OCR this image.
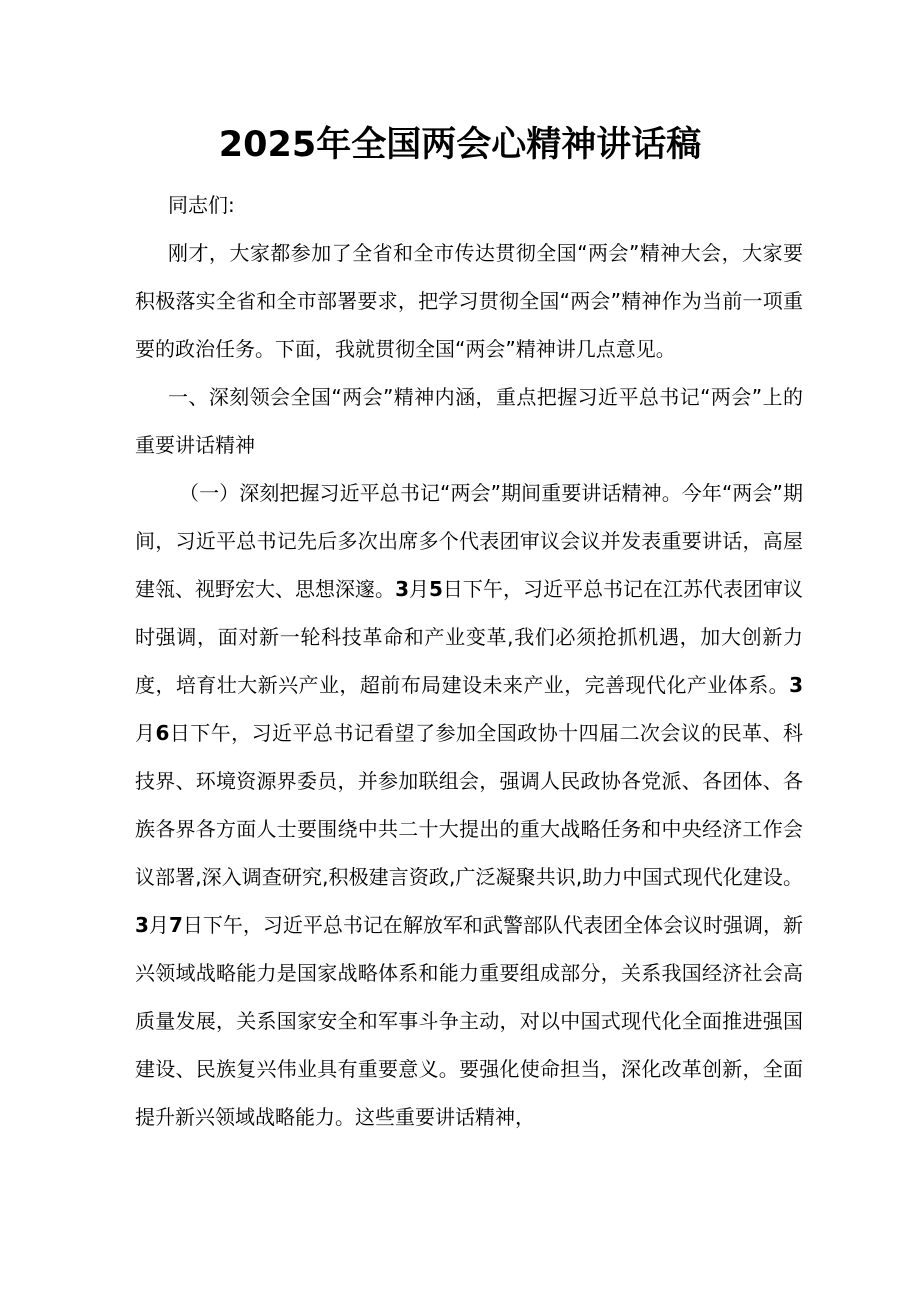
2025年全国两会心精神讲话稿

同志们:

刚才，大家都参加了全省和全市传达贯彻全国“两会”精神大会，大家要积极落实全省和全市部署要求，把学习贯彻全国“两会”精神作为当前一项重要的政治任务。下面，我就贯彻全国“两会”精神讲几点意见。

一、深刻领会全国“两会”精神内涵，重点把握习近平总书记“两会”上的重要讲话精神

（一）深刻把握习近平总书记“两会”期间重要讲话精神。今年“两会”期间，习近平总书记先后多次出席多个代表团审议会议并发表重要讲话，高屋建瓴、视野宏大、思想深邃。3月5日下午，习近平总书记在江苏代表团审议时强调，面对新一轮科技革命和产业变革,我们必须抢抓机遇，加大创新力度，培育壮大新兴产业，超前布局建设未来产业，完善现代化产业体系。3月6日下午，习近平总书记看望了参加全国政协十四届二次会议的民革、科技界、环境资源界委员，并参加联组会，强调人民政协各党派、各团体、各族各界各方面人士要围绕中共二十大提出的重大战略任务和中央经济工作会议部署,深入调查研究,积极建言资政,广泛凝聚共识,助力中国式现代化建设。3月7日下午，习近平总书记在解放军和武警部队代表团全体会议时强调，新兴领域战略能力是国家战略体系和能力重要组成部分，关系我国经济社会高质量发展，关系国家安全和军事斗争主动，对以中国式现代化全面推进强国建设、民族复兴伟业具有重要意义。要强化使命担当，深化改革创新，全面提升新兴领域战略能力。这些重要讲话精神，
